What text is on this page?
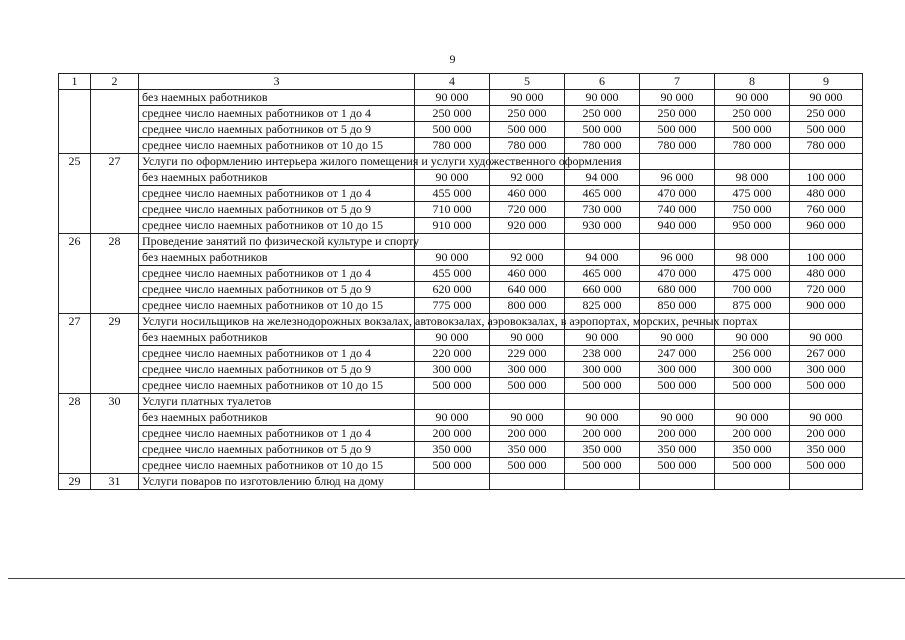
9
1	2	3	4	5	6	7	8	9
		без наемных работников	90 000	90 000	90 000	90 000	90 000	90 000
		среднее число наемных работников от 1 до 4	250 000	250 000	250 000	250 000	250 000	250 000
		среднее число наемных работников от 5 до 9	500 000	500 000	500 000	500 000	500 000	500 000
		среднее число наемных работников от 10 до 15	780 000	780 000	780 000	780 000	780 000	780 000
25	27	Услуги по оформлению интерьера жилого помещения и услуги художественного оформления						
		без наемных работников	90 000	92 000	94 000	96 000	98 000	100 000
		среднее число наемных работников от 1 до 4	455 000	460 000	465 000	470 000	475 000	480 000
		среднее число наемных работников от 5 до 9	710 000	720 000	730 000	740 000	750 000	760 000
		среднее число наемных работников от 10 до 15	910 000	920 000	930 000	940 000	950 000	960 000
26	28	Проведение занятий по физической культуре и спорту						
		без наемных работников	90 000	92 000	94 000	96 000	98 000	100 000
		среднее число наемных работников от 1 до 4	455 000	460 000	465 000	470 000	475 000	480 000
		среднее число наемных работников от 5 до 9	620 000	640 000	660 000	680 000	700 000	720 000
		среднее число наемных работников от 10 до 15	775 000	800 000	825 000	850 000	875 000	900 000
27	29	Услуги носильщиков на железнодорожных вокзалах, автовокзалах, аэровокзалах, в аэропортах, морских, речных портах						
		без наемных работников	90 000	90 000	90 000	90 000	90 000	90 000
		среднее число наемных работников от 1 до 4	220 000	229 000	238 000	247 000	256 000	267 000
		среднее число наемных работников от 5 до 9	300 000	300 000	300 000	300 000	300 000	300 000
		среднее число наемных работников от 10 до 15	500 000	500 000	500 000	500 000	500 000	500 000
28	30	Услуги платных туалетов						
		без наемных работников	90 000	90 000	90 000	90 000	90 000	90 000
		среднее число наемных работников от 1 до 4	200 000	200 000	200 000	200 000	200 000	200 000
		среднее число наемных работников от 5 до 9	350 000	350 000	350 000	350 000	350 000	350 000
		среднее число наемных работников от 10 до 15	500 000	500 000	500 000	500 000	500 000	500 000
29	31	Услуги поваров по изготовлению блюд на дому						
